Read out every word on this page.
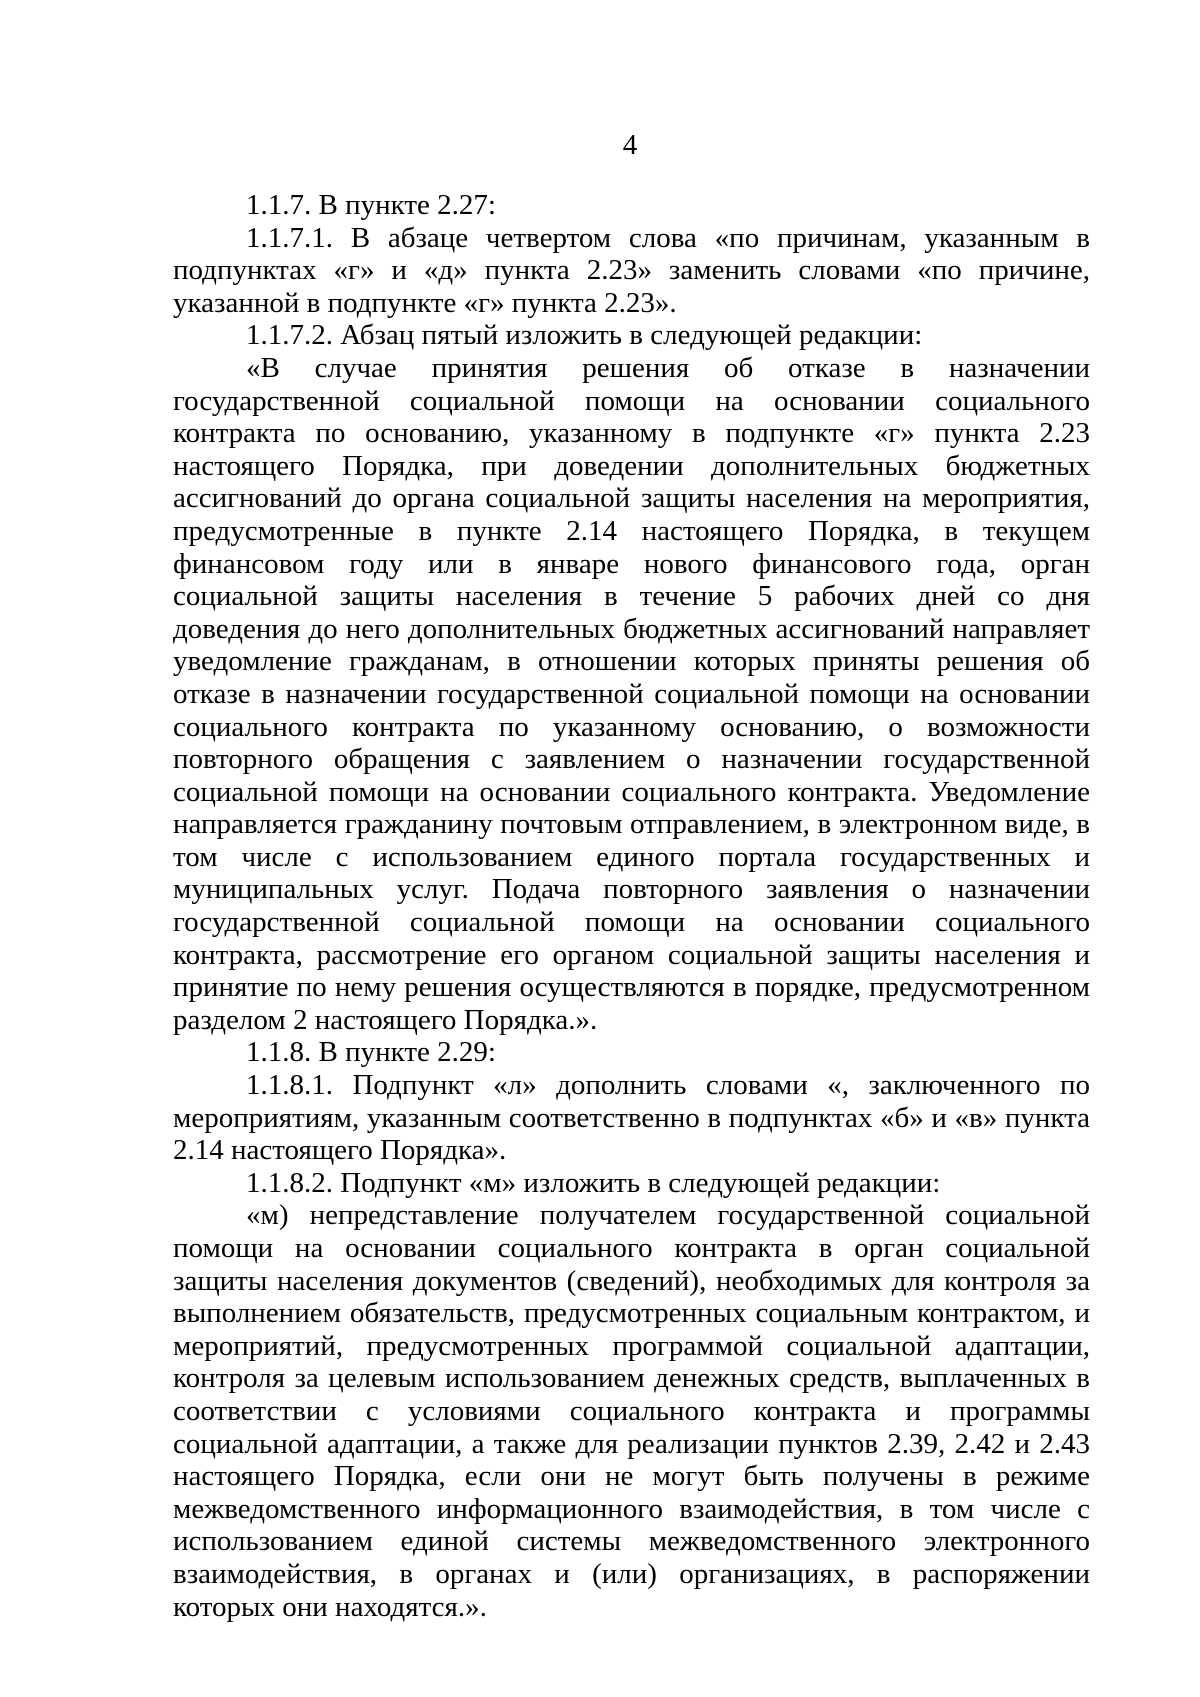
4

1.1.7. В пункте 2.27:

1.1.7.1. В абзаце четвертом слова «по причинам, указанным в подпунктах «г» и «д» пункта 2.23» заменить словами «по причине, указанной в подпункте «г» пункта 2.23».

1.1.7.2. Абзац пятый изложить в следующей редакции:

«В случае принятия решения об отказе в назначении государственной социальной помощи на основании социального контракта по основанию, указанному в подпункте «г» пункта 2.23 настоящего Порядка, при доведении дополнительных бюджетных ассигнований до органа социальной защиты населения на мероприятия, предусмотренные в пункте 2.14 настоящего Порядка, в текущем финансовом году или в январе нового финансового года, орган социальной защиты населения в течение 5 рабочих дней со дня доведения до него дополнительных бюджетных ассигнований направляет уведомление гражданам, в отношении которых приняты решения об отказе в назначении государственной социальной помощи на основании социального контракта по указанному основанию, о возможности повторного обращения с заявлением о назначении государственной социальной помощи на основании социального контракта. Уведомление направляется гражданину почтовым отправлением, в электронном виде, в том числе с использованием единого портала государственных и муниципальных услуг. Подача повторного заявления о назначении государственной социальной помощи на основании социального контракта, рассмотрение его органом социальной защиты населения и принятие по нему решения осуществляются в порядке, предусмотренном разделом 2 настоящего Порядка.».

1.1.8. В пункте 2.29:

1.1.8.1. Подпункт «л» дополнить словами «, заключенного по мероприятиям, указанным соответственно в подпунктах «б» и «в» пункта 2.14 настоящего Порядка».

1.1.8.2. Подпункт «м» изложить в следующей редакции:

«м) непредставление получателем государственной социальной помощи на основании социального контракта в орган социальной защиты населения документов (сведений), необходимых для контроля за выполнением обязательств, предусмотренных социальным контрактом, и мероприятий, предусмотренных программой социальной адаптации, контроля за целевым использованием денежных средств, выплаченных в соответствии с условиями социального контракта и программы социальной адаптации, а также для реализации пунктов 2.39, 2.42 и 2.43 настоящего Порядка, если они не могут быть получены в режиме межведомственного информационного взаимодействия, в том числе с использованием единой системы межведомственного электронного взаимодействия, в органах и (или) организациях, в распоряжении которых они находятся.».
